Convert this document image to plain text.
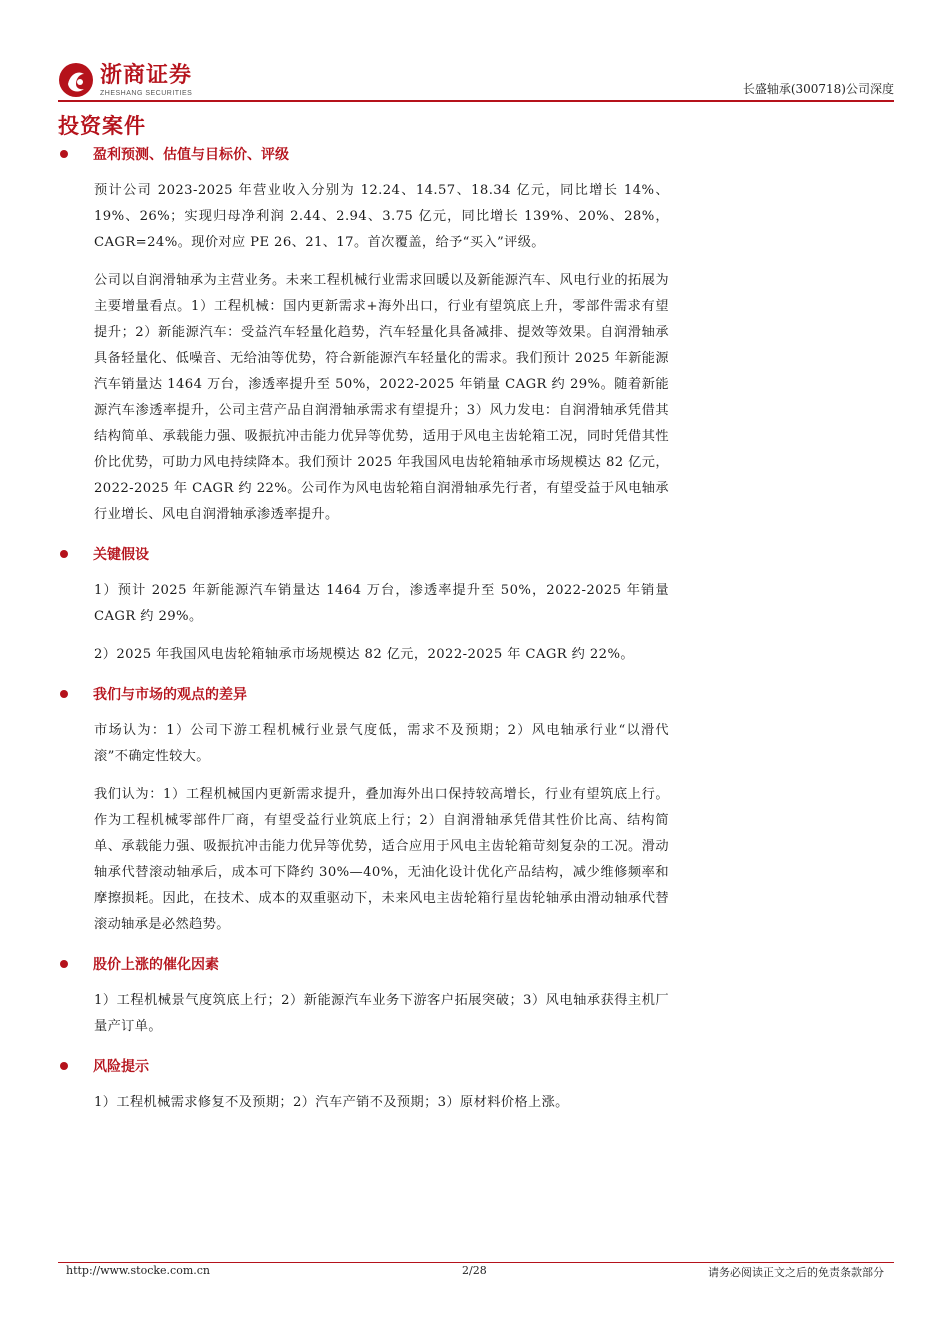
浙商证券
ZHESHANG SECURITIES	长盛轴承(300718)公司深度
投资案件
盈利预测、估值与目标价、评级

预计公司 2023-2025 年营业收入分别为 12.24、14.57、18.34 亿元，同比增长 14%、19%、26%；实现归母净利润 2.44、2.94、3.75 亿元，同比增长 139%、20%、28%，CAGR=24%。现价对应 PE 26、21、17。首次覆盖，给予“买入”评级。

公司以自润滑轴承为主营业务。未来工程机械行业需求回暖以及新能源汽车、风电行业的拓展为主要增量看点。1）工程机械：国内更新需求+海外出口，行业有望筑底上升，零部件需求有望提升；2）新能源汽车：受益汽车轻量化趋势，汽车轻量化具备减排、提效等效果。自润滑轴承具备轻量化、低噪音、无给油等优势，符合新能源汽车轻量化的需求。我们预计 2025 年新能源汽车销量达 1464 万台，渗透率提升至 50%，2022-2025 年销量 CAGR 约 29%。随着新能源汽车渗透率提升，公司主营产品自润滑轴承需求有望提升；3）风力发电：自润滑轴承凭借其结构简单、承载能力强、吸振抗冲击能力优异等优势，适用于风电主齿轮箱工况，同时凭借其性价比优势，可助力风电持续降本。我们预计 2025 年我国风电齿轮箱轴承市场规模达 82 亿元，2022-2025 年 CAGR 约 22%。公司作为风电齿轮箱自润滑轴承先行者，有望受益于风电轴承行业增长、风电自润滑轴承渗透率提升。

关键假设

1）预计 2025 年新能源汽车销量达 1464 万台，渗透率提升至 50%，2022-2025 年销量 CAGR 约 29%。

2）2025 年我国风电齿轮箱轴承市场规模达 82 亿元，2022-2025 年 CAGR 约 22%。

我们与市场的观点的差异

市场认为：1）公司下游工程机械行业景气度低，需求不及预期；2）风电轴承行业“以滑代滚”不确定性较大。

我们认为：1）工程机械国内更新需求提升，叠加海外出口保持较高增长，行业有望筑底上行。作为工程机械零部件厂商，有望受益行业筑底上行；2）自润滑轴承凭借其性价比高、结构简单、承载能力强、吸振抗冲击能力优异等优势，适合应用于风电主齿轮箱苛刻复杂的工况。滑动轴承代替滚动轴承后，成本可下降约 30%—40%，无油化设计优化产品结构，减少维修频率和摩擦损耗。因此，在技术、成本的双重驱动下，未来风电主齿轮箱行星齿轮轴承由滑动轴承代替滚动轴承是必然趋势。

股价上涨的催化因素

1）工程机械景气度筑底上行；2）新能源汽车业务下游客户拓展突破；3）风电轴承获得主机厂量产订单。

风险提示

1）工程机械需求修复不及预期；2）汽车产销不及预期；3）原材料价格上涨。

http://www.stocke.com.cn	2/28	请务必阅读正文之后的免责条款部分
